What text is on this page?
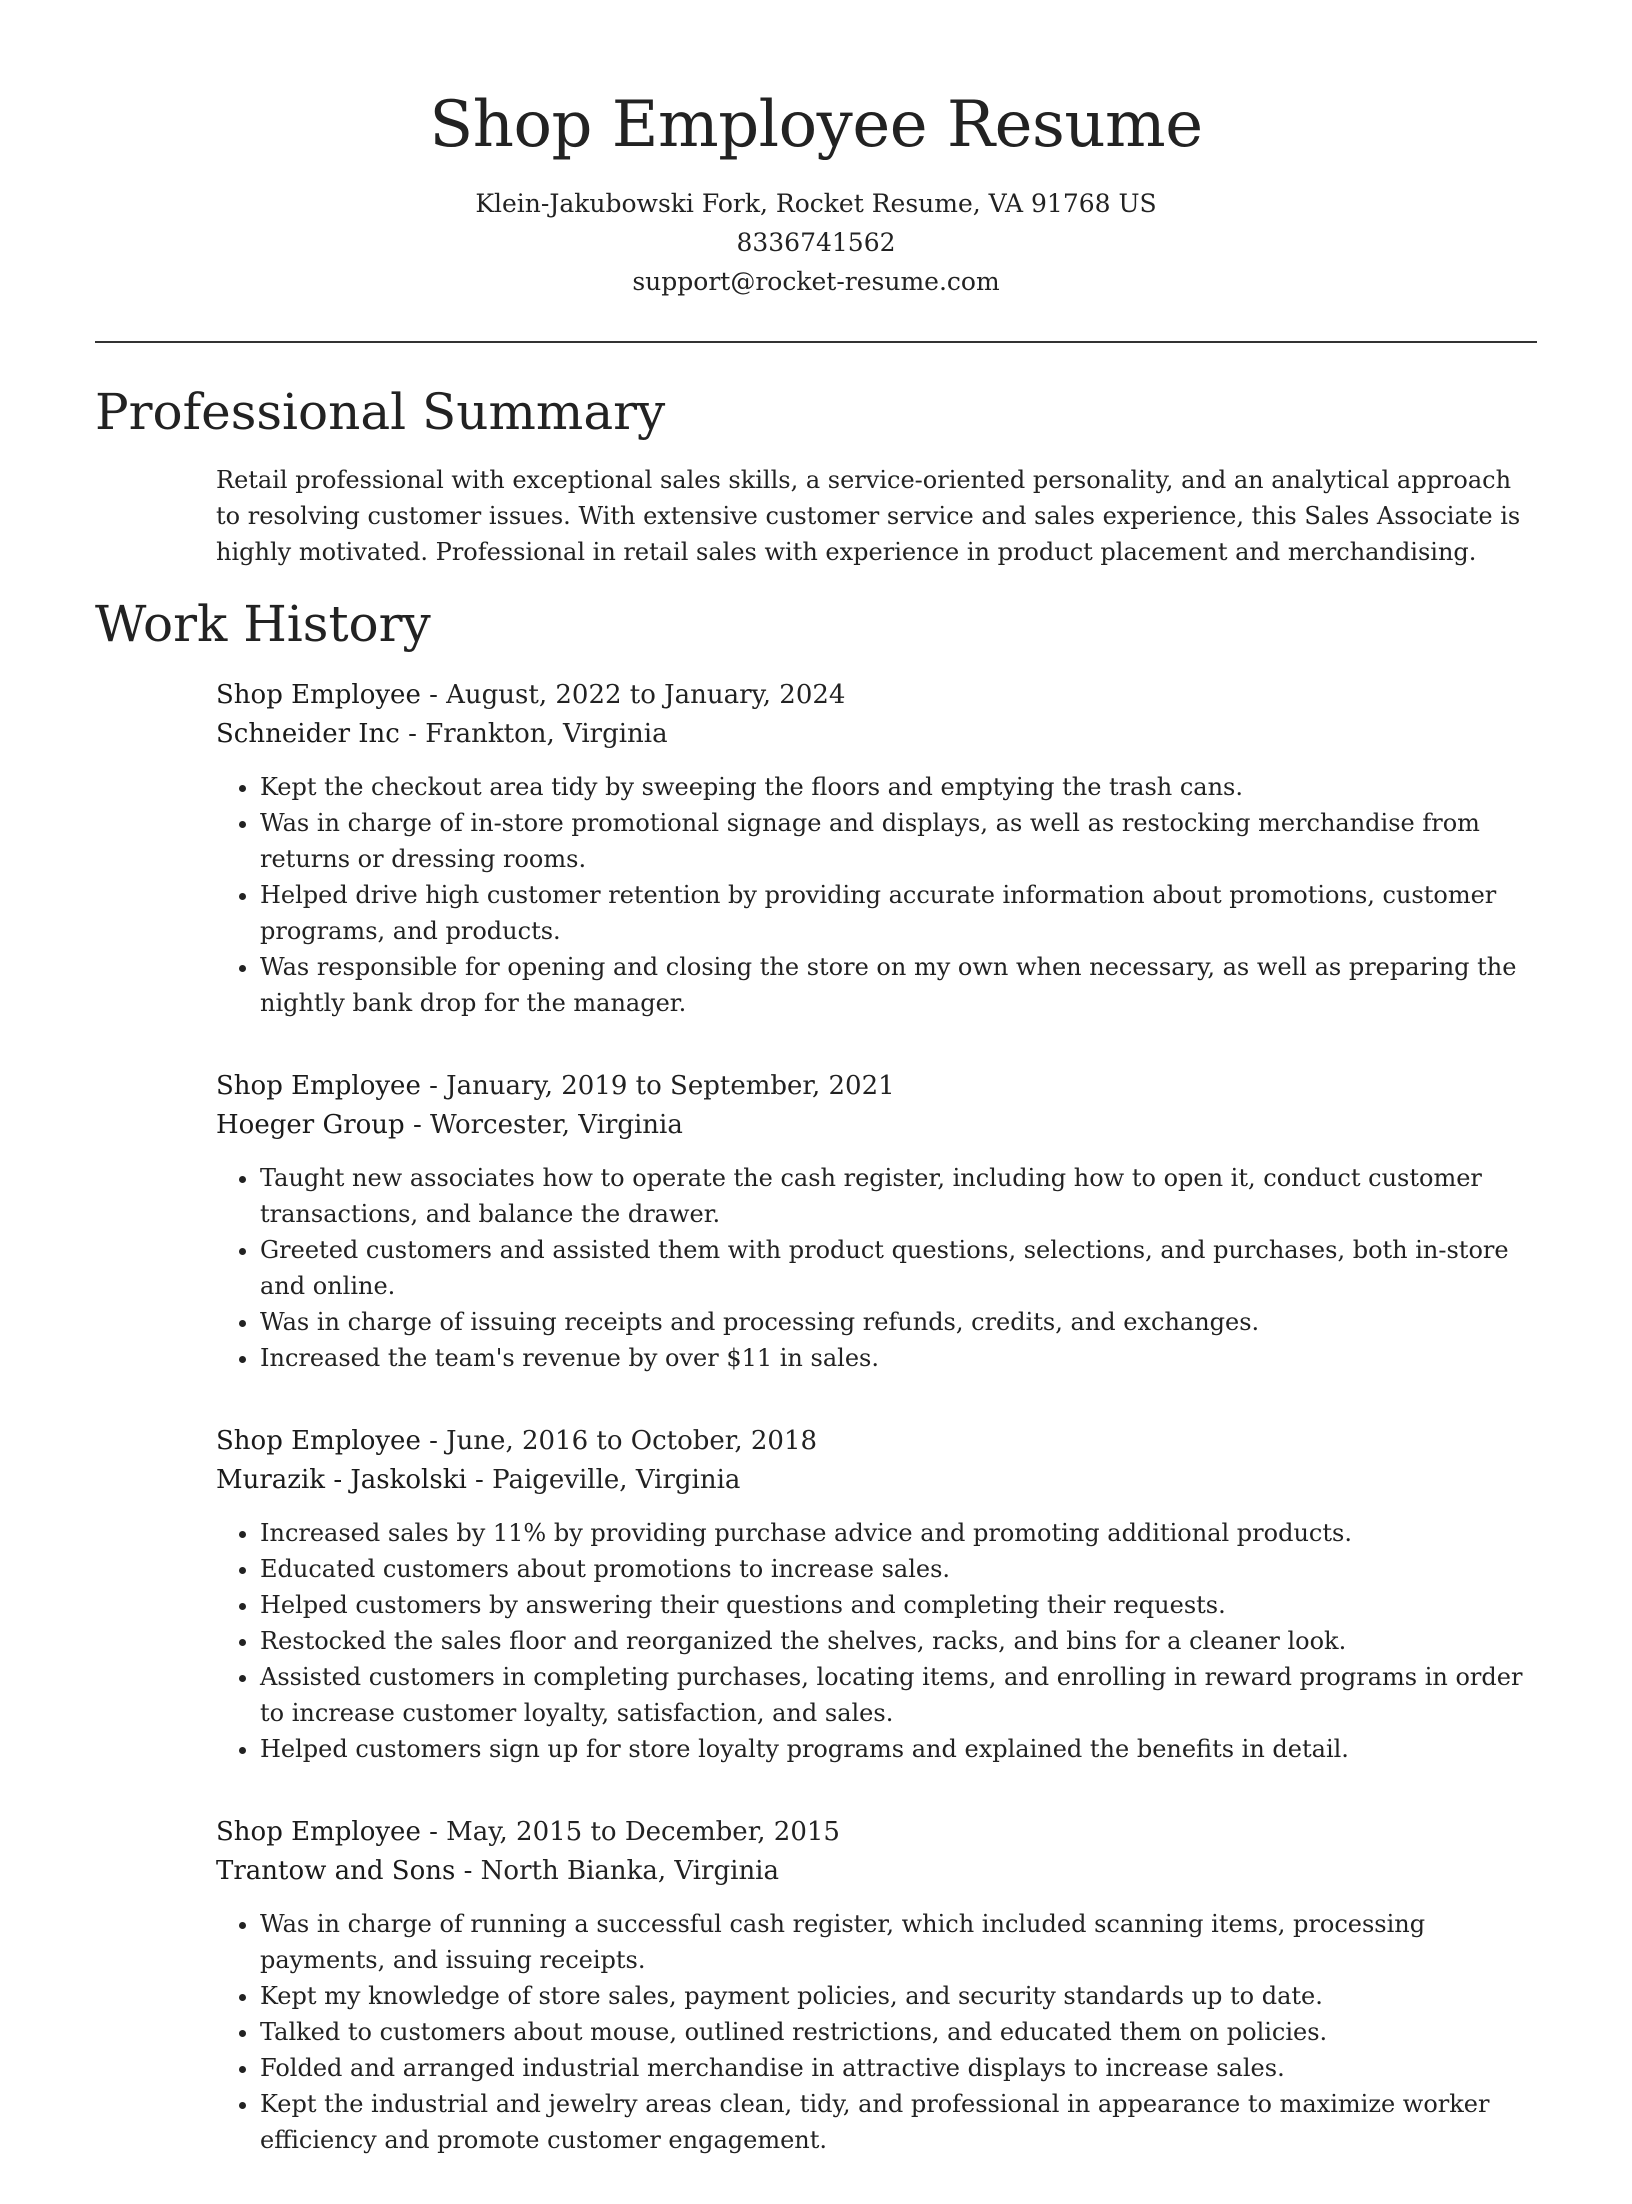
Shop Employee Resume
Klein-Jakubowski Fork, Rocket Resume, VA 91768 US
8336741562
support@rocket-resume.com
Professional Summary

Retail professional with exceptional sales skills, a service-oriented personality, and an analytical approach to resolving customer issues. With extensive customer service and sales experience, this Sales Associate is highly motivated. Professional in retail sales with experience in product placement and merchandising.

Work History
Shop Employee - August, 2022 to January, 2024
Schneider Inc - Frankton, Virginia
• Kept the checkout area tidy by sweeping the floors and emptying the trash cans.
• Was in charge of in-store promotional signage and displays, as well as restocking merchandise from returns or dressing rooms.
• Helped drive high customer retention by providing accurate information about promotions, customer programs, and products.
• Was responsible for opening and closing the store on my own when necessary, as well as preparing the nightly bank drop for the manager.
Shop Employee - January, 2019 to September, 2021
Hoeger Group - Worcester, Virginia
• Taught new associates how to operate the cash register, including how to open it, conduct customer transactions, and balance the drawer.
• Greeted customers and assisted them with product questions, selections, and purchases, both in-store and online.
• Was in charge of issuing receipts and processing refunds, credits, and exchanges.
• Increased the team's revenue by over $11 in sales.
Shop Employee - June, 2016 to October, 2018
Murazik - Jaskolski - Paigeville, Virginia
• Increased sales by 11% by providing purchase advice and promoting additional products.
• Educated customers about promotions to increase sales.
• Helped customers by answering their questions and completing their requests.
• Restocked the sales floor and reorganized the shelves, racks, and bins for a cleaner look.
• Assisted customers in completing purchases, locating items, and enrolling in reward programs in order to increase customer loyalty, satisfaction, and sales.
• Helped customers sign up for store loyalty programs and explained the benefits in detail.
Shop Employee - May, 2015 to December, 2015
Trantow and Sons - North Bianka, Virginia
• Was in charge of running a successful cash register, which included scanning items, processing payments, and issuing receipts.
• Kept my knowledge of store sales, payment policies, and security standards up to date.
• Talked to customers about mouse, outlined restrictions, and educated them on policies.
• Folded and arranged industrial merchandise in attractive displays to increase sales.
• Kept the industrial and jewelry areas clean, tidy, and professional in appearance to maximize worker efficiency and promote customer engagement.
